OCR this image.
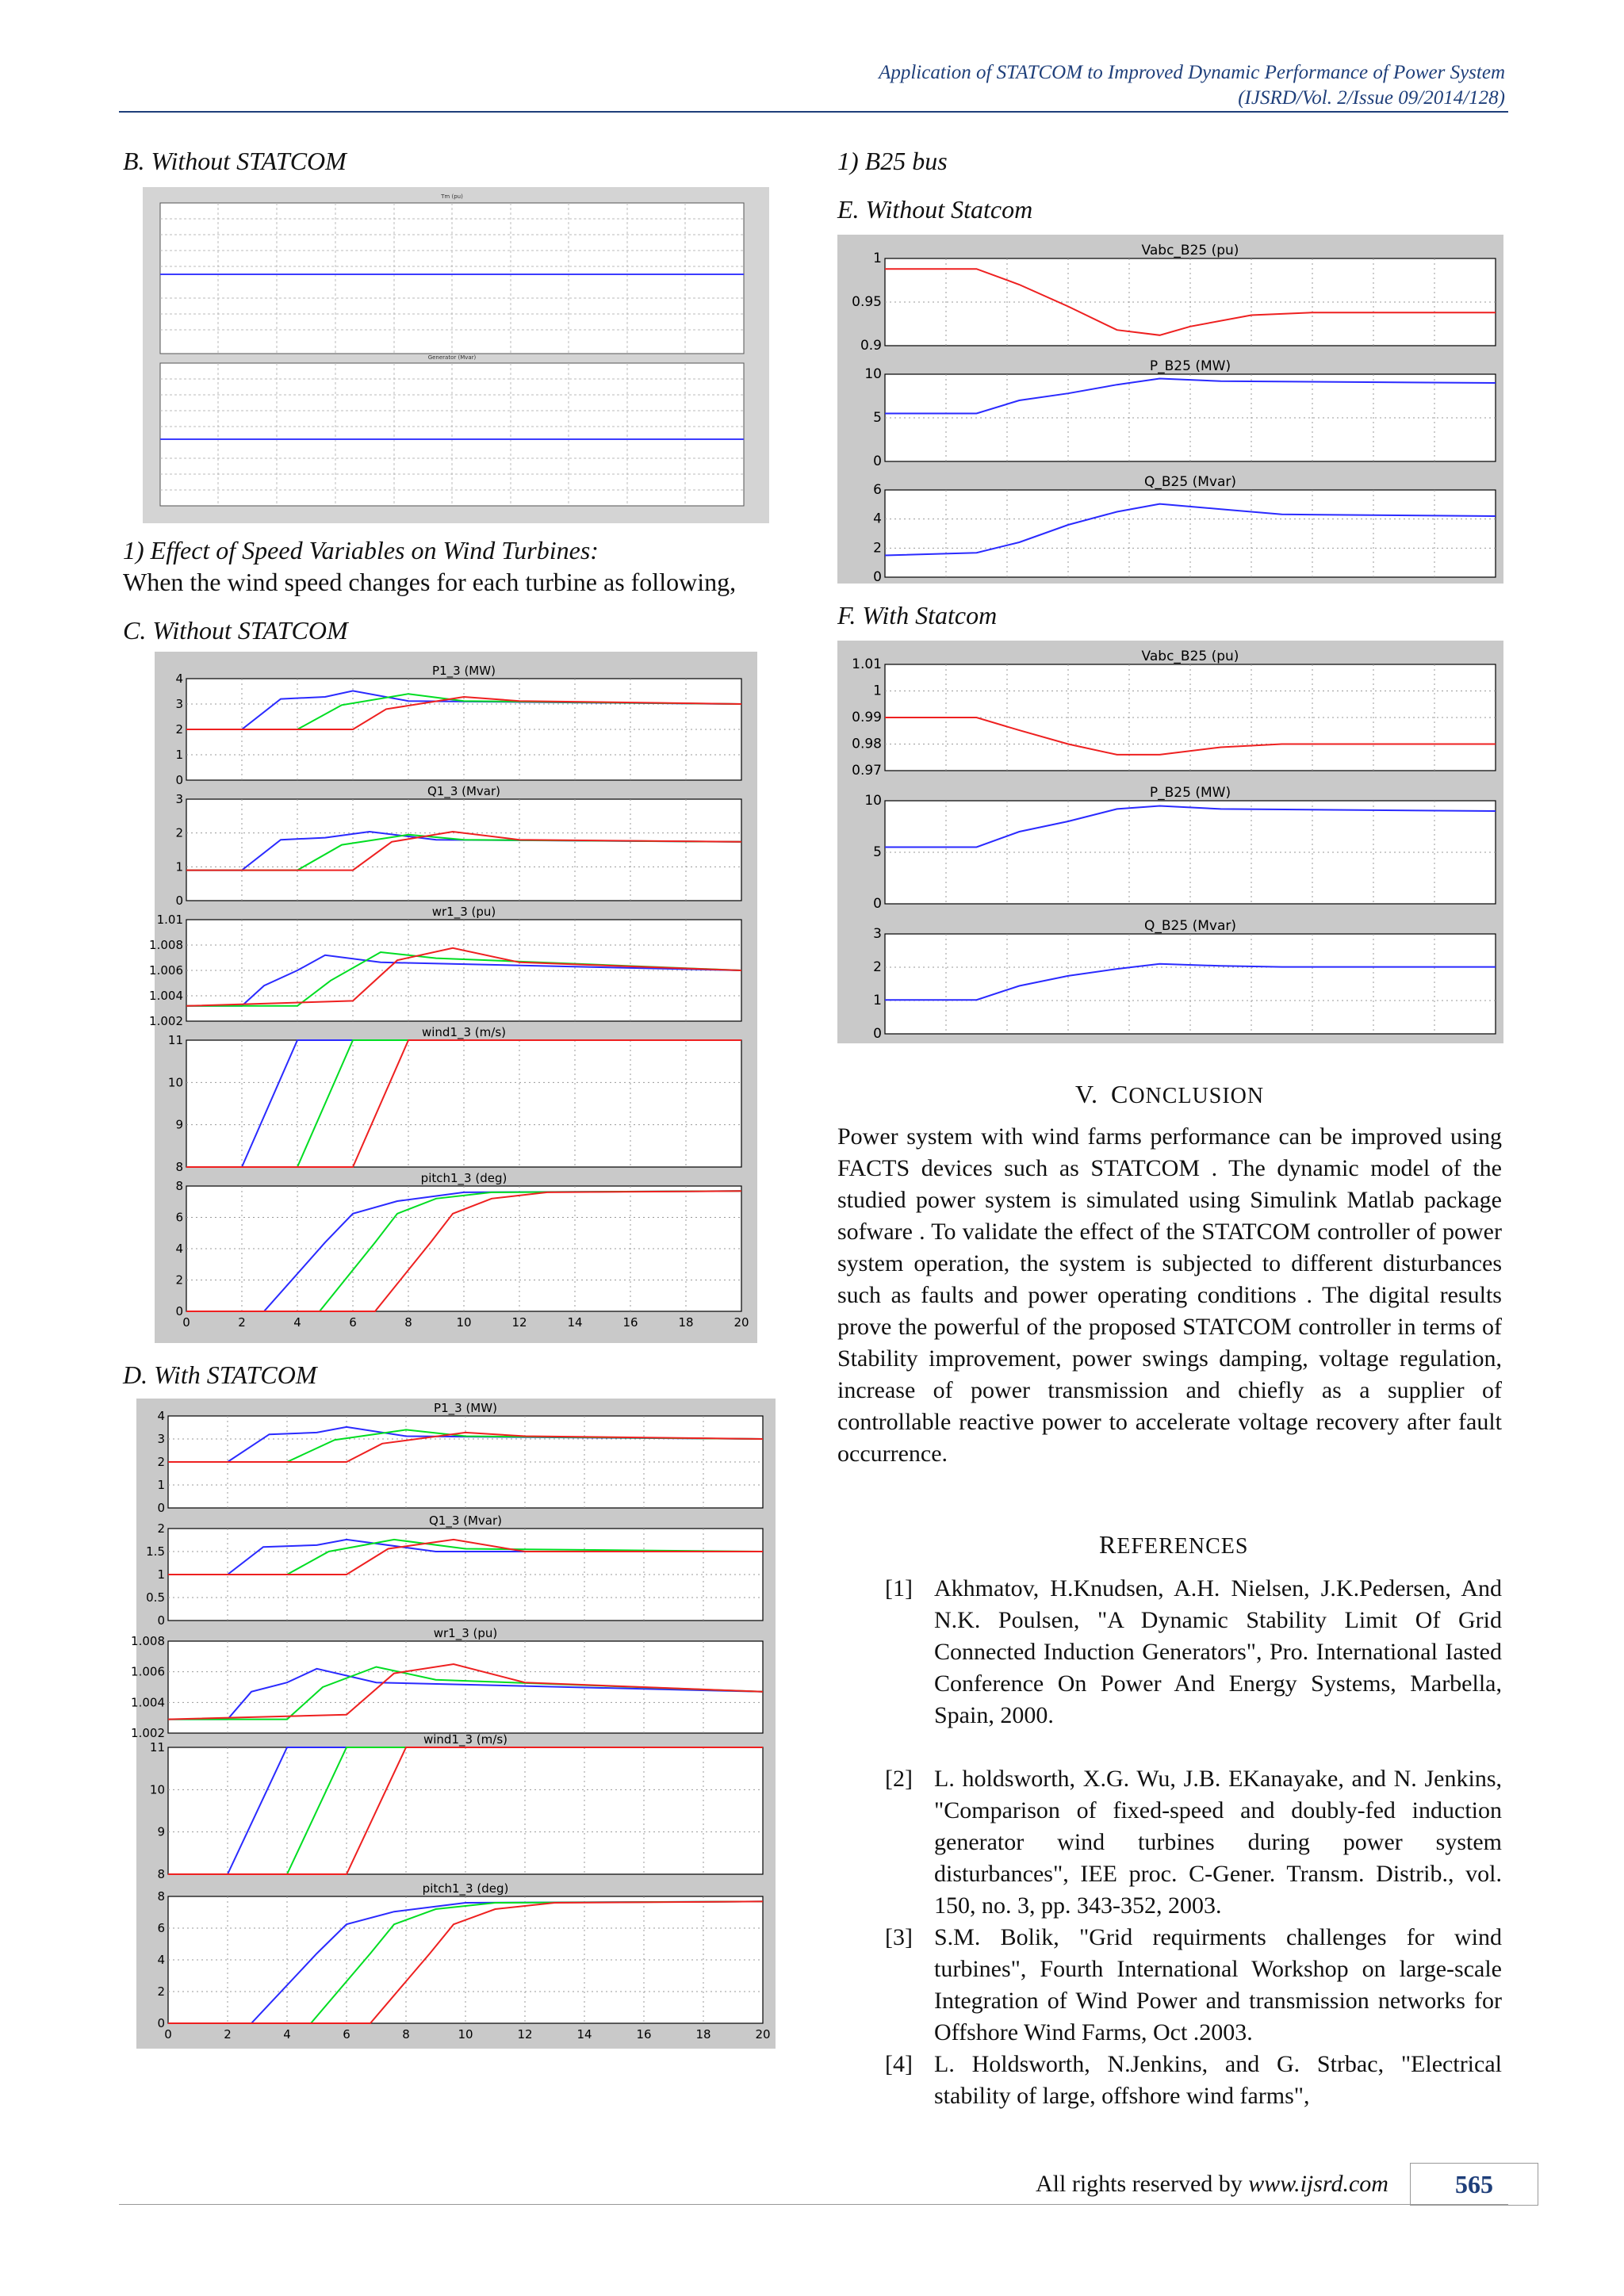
Application of STATCOM to Improved Dynamic Performance of Power System
(IJSRD/Vol. 2/Issue 09/2014/128)
B. Without STATCOM
Tm (pu)
Generator (Mvar)
1) Effect of Speed Variables on Wind Turbines:
When the wind speed changes for each turbine as following,
C. Without STATCOM
4
3
2
1
0
P1_3 (MW)
3
2
1
0
Q1_3 (Mvar)
1.01
1.008
1.006
1.004
1.002
wr1_3 (pu)
11
10
9
8
wind1_3 (m/s)
8
6
4
2
0
pitch1_3 (deg)
0	2	4	6	8	10	12	14	16	18	20
D. With STATCOM
4
3
2
1
0
P1_3 (MW)
2
1.5
1
0.5
0
Q1_3 (Mvar)
1.008
1.006
1.004
1.002
wr1_3 (pu)
11
10
9
8
wind1_3 (m/s)
8
6
4
2
0
pitch1_3 (deg)
0	2	4	6	8	10	12	14	16	18	20
1) B25 bus
E. Without Statcom
1
0.95
0.9
Vabc_B25 (pu)
10
5
0
P_B25 (MW)
6
4
2
0
Q_B25 (Mvar)
F. With Statcom
1.01
1
0.99
0.98
0.97
Vabc_B25 (pu)
10
5
0
P_B25 (MW)
3
2
1
0
Q_B25 (Mvar)
V. CONCLUSION
Power system with wind farms performance can be improved using FACTS devices such as STATCOM . The dynamic model of the studied power system is simulated using Simulink Matlab package sofware . To validate the effect of the STATCOM controller of power system operation, the system is subjected to different disturbances such as faults and power operating conditions . The digital results prove the powerful of the proposed STATCOM controller in terms of Stability improvement, power swings damping, voltage regulation, increase of power transmission and chiefly as a supplier of controllable reactive power to accelerate voltage recovery after fault occurrence.
REFERENCES
[1] Akhmatov, H.Knudsen, A.H. Nielsen, J.K.Pedersen, And N.K. Poulsen, "A Dynamic Stability Limit Of Grid Connected Induction Generators", Pro. International Iasted Conference On Power And Energy Systems, Marbella, Spain, 2000.
[2] L. holdsworth, X.G. Wu, J.B. EKanayake, and N. Jenkins, "Comparison of fixed-speed and doubly-fed induction generator wind turbines during power system disturbances", IEE proc. C-Gener. Transm. Distrib., vol. 150, no. 3, pp. 343-352, 2003.
[3] S.M. Bolik, "Grid requirments challenges for wind turbines", Fourth International Workshop on large-scale Integration of Wind Power and transmission networks for Offshore Wind Farms, Oct .2003.
[4] L. Holdsworth, N.Jenkins, and G. Strbac, "Electrical stability of large, offshore wind farms",
All rights reserved by www.ijsrd.com	565
